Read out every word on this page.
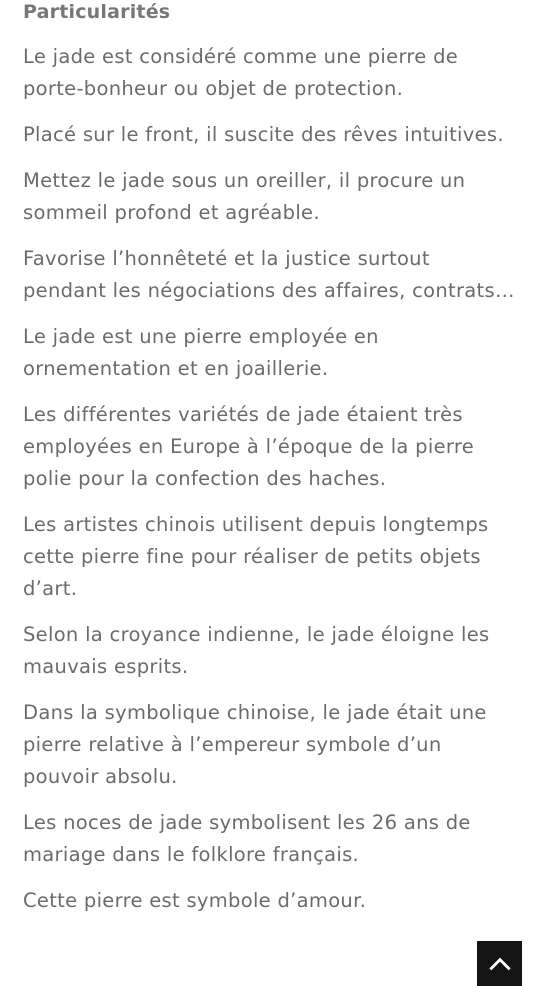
Particularités

Le jade est considéré comme une pierre de porte-bonheur ou objet de protection.

Placé sur le front, il suscite des rêves intuitives.

Mettez le jade sous un oreiller, il procure un sommeil profond et agréable.

Favorise l’honnêteté et la justice surtout pendant les négociations des affaires, contrats…

Le jade est une pierre employée en ornementation et en joaillerie.

Les différentes variétés de jade étaient très employées en Europe à l’époque de la pierre polie pour la confection des haches.

Les artistes chinois utilisent depuis longtemps cette pierre fine pour réaliser de petits objets d’art.

Selon la croyance indienne, le jade éloigne les mauvais esprits.

Dans la symbolique chinoise, le jade était une pierre relative à l’empereur symbole d’un pouvoir absolu.

Les noces de jade symbolisent les 26 ans de mariage dans le folklore français.

Cette pierre est symbole d’amour.
